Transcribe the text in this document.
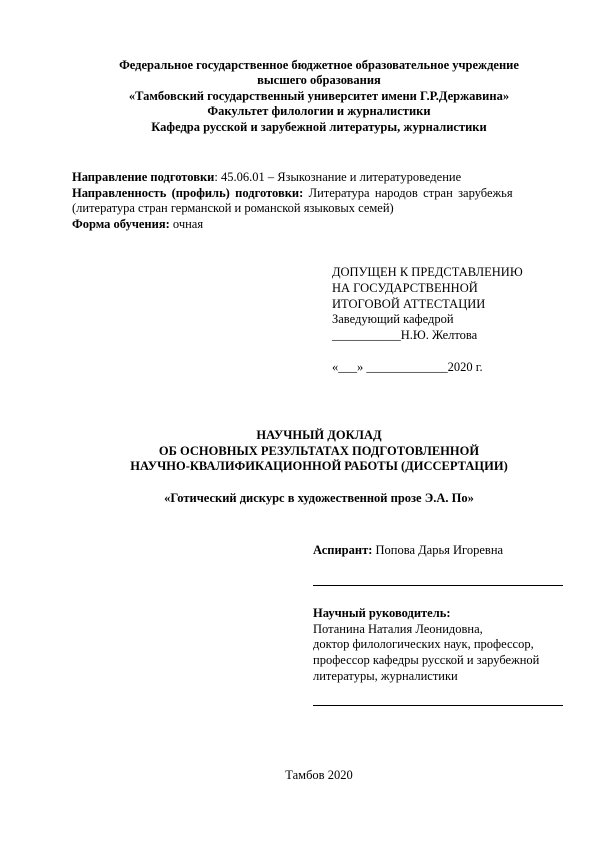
Федеральное государственное бюджетное образовательное учреждение
высшего образования
«Тамбовский государственный университет имени Г.Р.Державина»
Факультет филологии и журналистики
Кафедра русской и зарубежной литературы, журналистики
Направление подготовки: 45.06.01 – Языкознание и литературоведение
Направленность (профиль) подготовки: Литература народов стран зарубежья
(литература стран германской и романской языковых семей)
Форма обучения: очная
ДОПУЩЕН К ПРЕДСТАВЛЕНИЮ
НА ГОСУДАРСТВЕННОЙ
ИТОГОВОЙ АТТЕСТАЦИИ
Заведующий кафедрой
___________Н.Ю. Желтова
«___» _____________2020 г.
НАУЧНЫЙ ДОКЛАД
ОБ ОСНОВНЫХ РЕЗУЛЬТАТАХ ПОДГОТОВЛЕННОЙ
НАУЧНО-КВАЛИФИКАЦИОННОЙ РАБОТЫ (ДИССЕРТАЦИИ)
«Готический дискурс в художественной прозе Э.А. По»
Аспирант: Попова Дарья Игоревна
Научный руководитель:
Потанина Наталия Леонидовна,
доктор филологических наук, профессор,
профессор кафедры русской и зарубежной
литературы, журналистики
Тамбов 2020
